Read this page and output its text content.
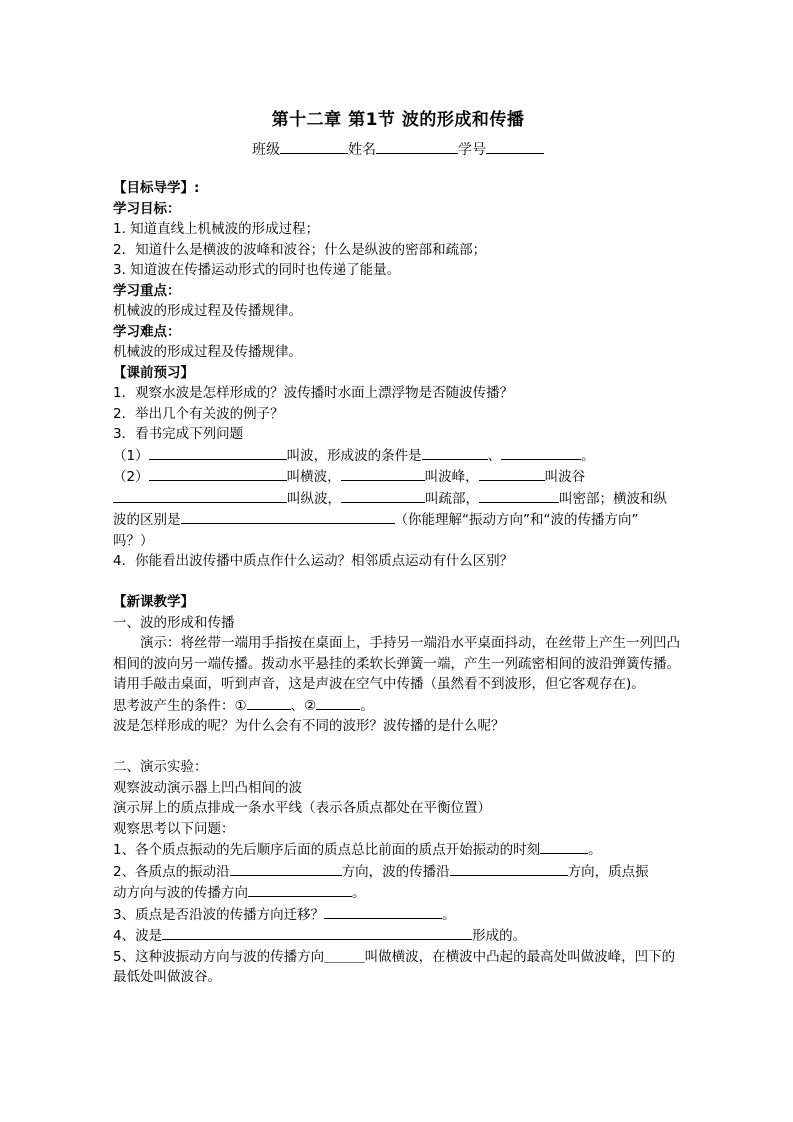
第十二章 第1节 波的形成和传播
班级	姓名	学号

【目标导学】:

学习目标：

1. 知道直线上机械波的形成过程；

2．知道什么是横波的波峰和波谷；什么是纵波的密部和疏部；

3. 知道波在传播运动形式的同时也传递了能量。

学习重点：

机械波的形成过程及传播规律。

学习难点：

机械波的形成过程及传播规律。

【课前预习】

1．观察水波是怎样形成的？波传播时水面上漂浮物是否随波传播？

2．举出几个有关波的例子？

3．看书完成下列问题

（1）	叫波，形成波的条件是	、	。

（2）	叫横波，	叫波峰，	叫波谷

叫纵波，	叫疏部，	叫密部；横波和纵

波的区别是	（你能理解“振动方向”和“波的传播方向”

吗？）

4．你能看出波传播中质点作什么运动？相邻质点运动有什么区别？

【新课教学】

一、波的形成和传播

演示：将丝带一端用手指按在桌面上，手持另一端沿水平桌面抖动，在丝带上产生一列凹凸相间的波向另一端传播。拨动水平悬挂的柔软长弹簧一端，产生一列疏密相间的波沿弹簧传播。请用手敲击桌面，听到声音，这是声波在空气中传播（虽然看不到波形，但它客观存在)。

思考波产生的条件：①	、②	。

波是怎样形成的呢？为什么会有不同的波形？波传播的是什么呢？

二、演示实验：

观察波动演示器上凹凸相间的波

演示屏上的质点排成一条水平线（表示各质点都处在平衡位置）

观察思考以下问题：

1、各个质点振动的先后顺序后面的质点总比前面的质点开始振动的时刻	。

2、各质点的振动沿	方向，波的传播沿	方向，质点振

动方向与波的传播方向	。

3、质点是否沿波的传播方向迁移？	。

4、波是	形成的。

5、这种波振动方向与波的传播方向＿＿＿叫做横波，在横波中凸起的最高处叫做波峰，凹下的最低处叫做波谷。
